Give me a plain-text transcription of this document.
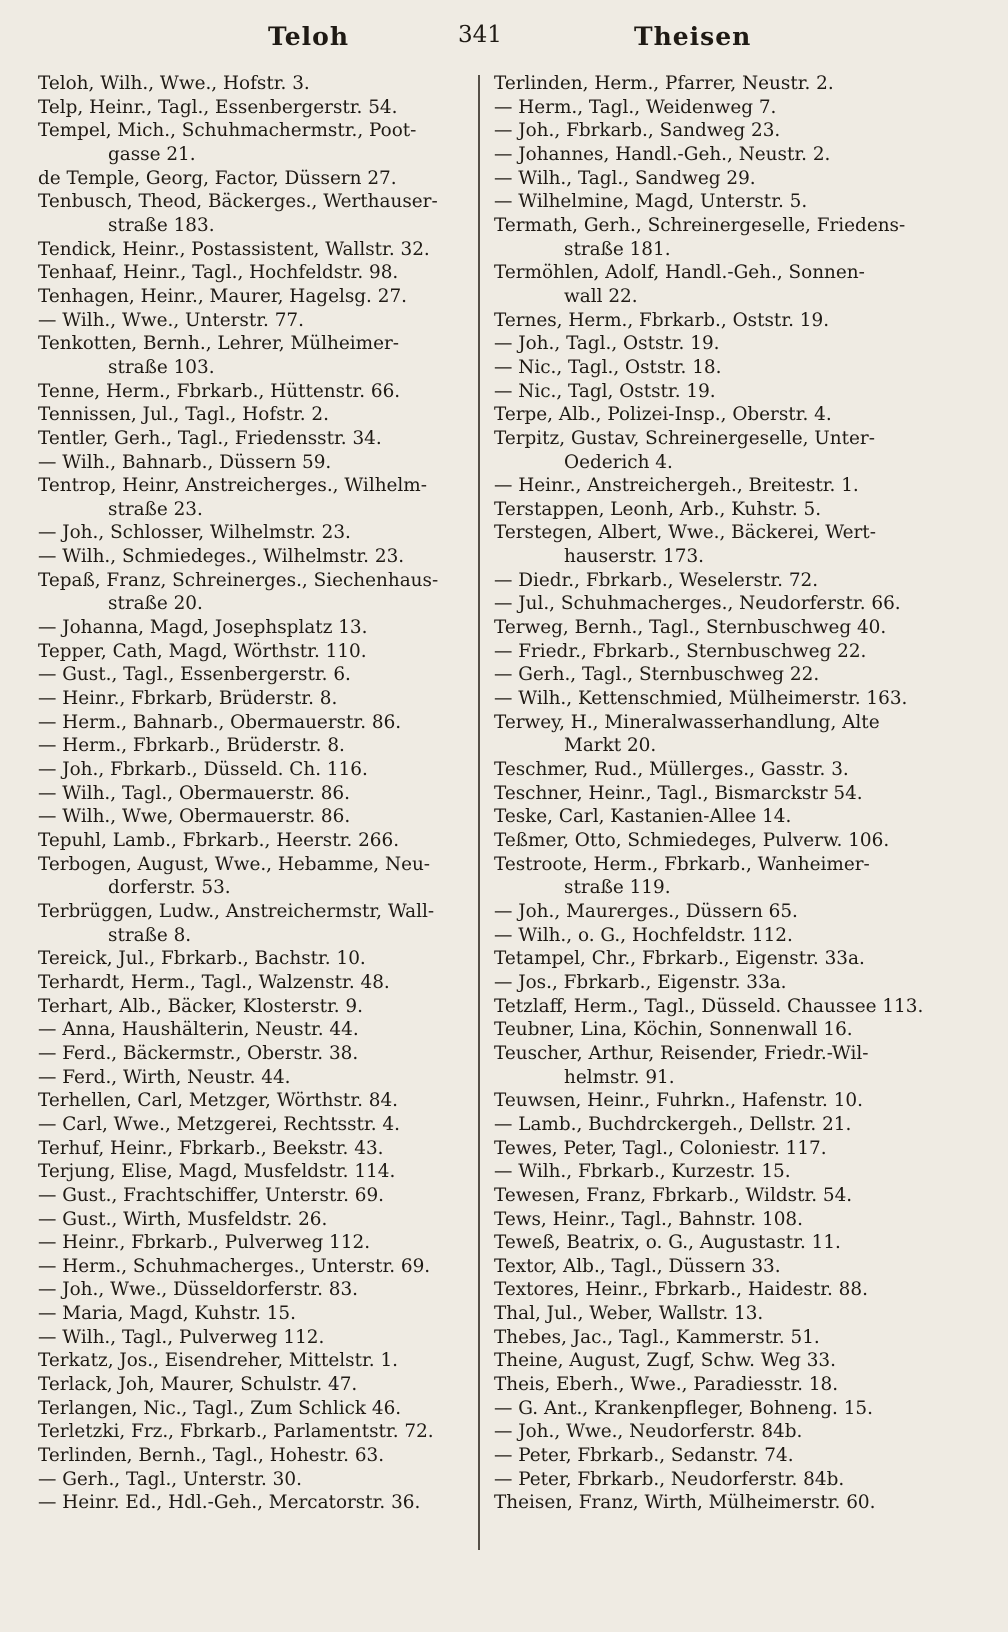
Teloh	341	Theisen
Teloh, Wilh., Wwe., Hofstr. 3.
Telp, Heinr., Tagl., Essenbergerstr. 54.
Tempel, Mich., Schuhmachermstr., Poot-
gasse 21.
de Temple, Georg, Factor, Düssern 27.
Tenbusch, Theod, Bäckerges., Werthauser-
straße 183.
Tendick, Heinr., Postassistent, Wallstr. 32.
Tenhaaf, Heinr., Tagl., Hochfeldstr. 98.
Tenhagen, Heinr., Maurer, Hagelsg. 27.
— Wilh., Wwe., Unterstr. 77.
Tenkotten, Bernh., Lehrer, Mülheimer-
straße 103.
Tenne, Herm., Fbrkarb., Hüttenstr. 66.
Tennissen, Jul., Tagl., Hofstr. 2.
Tentler, Gerh., Tagl., Friedensstr. 34.
— Wilh., Bahnarb., Düssern 59.
Tentrop, Heinr, Anstreicherges., Wilhelm-
straße 23.
— Joh., Schlosser, Wilhelmstr. 23.
— Wilh., Schmiedeges., Wilhelmstr. 23.
Tepaß, Franz, Schreinerges., Siechenhaus-
straße 20.
— Johanna, Magd, Josephsplatz 13.
Tepper, Cath, Magd, Wörthstr. 110.
— Gust., Tagl., Essenbergerstr. 6.
— Heinr., Fbrkarb, Brüderstr. 8.
— Herm., Bahnarb., Obermauerstr. 86.
— Herm., Fbrkarb., Brüderstr. 8.
— Joh., Fbrkarb., Düsseld. Ch. 116.
— Wilh., Tagl., Obermauerstr. 86.
— Wilh., Wwe, Obermauerstr. 86.
Tepuhl, Lamb., Fbrkarb., Heerstr. 266.
Terbogen, August, Wwe., Hebamme, Neu-
dorferstr. 53.
Terbrüggen, Ludw., Anstreichermstr, Wall-
straße 8.
Tereick, Jul., Fbrkarb., Bachstr. 10.
Terhardt, Herm., Tagl., Walzenstr. 48.
Terhart, Alb., Bäcker, Klosterstr. 9.
— Anna, Haushälterin, Neustr. 44.
— Ferd., Bäckermstr., Oberstr. 38.
— Ferd., Wirth, Neustr. 44.
Terhellen, Carl, Metzger, Wörthstr. 84.
— Carl, Wwe., Metzgerei, Rechtsstr. 4.
Terhuf, Heinr., Fbrkarb., Beekstr. 43.
Terjung, Elise, Magd, Musfeldstr. 114.
— Gust., Frachtschiffer, Unterstr. 69.
— Gust., Wirth, Musfeldstr. 26.
— Heinr., Fbrkarb., Pulverweg 112.
— Herm., Schuhmacherges., Unterstr. 69.
— Joh., Wwe., Düsseldorferstr. 83.
— Maria, Magd, Kuhstr. 15.
— Wilh., Tagl., Pulverweg 112.
Terkatz, Jos., Eisendreher, Mittelstr. 1.
Terlack, Joh, Maurer, Schulstr. 47.
Terlangen, Nic., Tagl., Zum Schlick 46.
Terletzki, Frz., Fbrkarb., Parlamentstr. 72.
Terlinden, Bernh., Tagl., Hohestr. 63.
— Gerh., Tagl., Unterstr. 30.
— Heinr. Ed., Hdl.-Geh., Mercatorstr. 36.
Terlinden, Herm., Pfarrer, Neustr. 2.
— Herm., Tagl., Weidenweg 7.
— Joh., Fbrkarb., Sandweg 23.
— Johannes, Handl.-Geh., Neustr. 2.
— Wilh., Tagl., Sandweg 29.
— Wilhelmine, Magd, Unterstr. 5.
Termath, Gerh., Schreinergeselle, Friedens-
straße 181.
Termöhlen, Adolf, Handl.-Geh., Sonnen-
wall 22.
Ternes, Herm., Fbrkarb., Oststr. 19.
— Joh., Tagl., Oststr. 19.
— Nic., Tagl., Oststr. 18.
— Nic., Tagl, Oststr. 19.
Terpe, Alb., Polizei-Insp., Oberstr. 4.
Terpitz, Gustav, Schreinergeselle, Unter-
Oederich 4.
— Heinr., Anstreichergeh., Breitestr. 1.
Terstappen, Leonh, Arb., Kuhstr. 5.
Terstegen, Albert, Wwe., Bäckerei, Wert-
hauserstr. 173.
— Diedr., Fbrkarb., Weselerstr. 72.
— Jul., Schuhmacherges., Neudorferstr. 66.
Terweg, Bernh., Tagl., Sternbuschweg 40.
— Friedr., Fbrkarb., Sternbuschweg 22.
— Gerh., Tagl., Sternbuschweg 22.
— Wilh., Kettenschmied, Mülheimerstr. 163.
Terwey, H., Mineralwasserhandlung, Alte
Markt 20.
Teschmer, Rud., Müllerges., Gasstr. 3.
Teschner, Heinr., Tagl., Bismarckstr 54.
Teske, Carl, Kastanien-Allee 14.
Teßmer, Otto, Schmiedeges, Pulverw. 106.
Testroote, Herm., Fbrkarb., Wanheimer-
straße 119.
— Joh., Maurerges., Düssern 65.
— Wilh., o. G., Hochfeldstr. 112.
Tetampel, Chr., Fbrkarb., Eigenstr. 33a.
— Jos., Fbrkarb., Eigenstr. 33a.
Tetzlaff, Herm., Tagl., Düsseld. Chaussee 113.
Teubner, Lina, Köchin, Sonnenwall 16.
Teuscher, Arthur, Reisender, Friedr.-Wil-
helmstr. 91.
Teuwsen, Heinr., Fuhrkn., Hafenstr. 10.
— Lamb., Buchdrckergeh., Dellstr. 21.
Tewes, Peter, Tagl., Coloniestr. 117.
— Wilh., Fbrkarb., Kurzestr. 15.
Tewesen, Franz, Fbrkarb., Wildstr. 54.
Tews, Heinr., Tagl., Bahnstr. 108.
Teweß, Beatrix, o. G., Augustastr. 11.
Textor, Alb., Tagl., Düssern 33.
Textores, Heinr., Fbrkarb., Haidestr. 88.
Thal, Jul., Weber, Wallstr. 13.
Thebes, Jac., Tagl., Kammerstr. 51.
Theine, August, Zugf, Schw. Weg 33.
Theis, Eberh., Wwe., Paradiesstr. 18.
— G. Ant., Krankenpfleger, Bohneng. 15.
— Joh., Wwe., Neudorferstr. 84b.
— Peter, Fbrkarb., Sedanstr. 74.
— Peter, Fbrkarb., Neudorferstr. 84b.
Theisen, Franz, Wirth, Mülheimerstr. 60.
